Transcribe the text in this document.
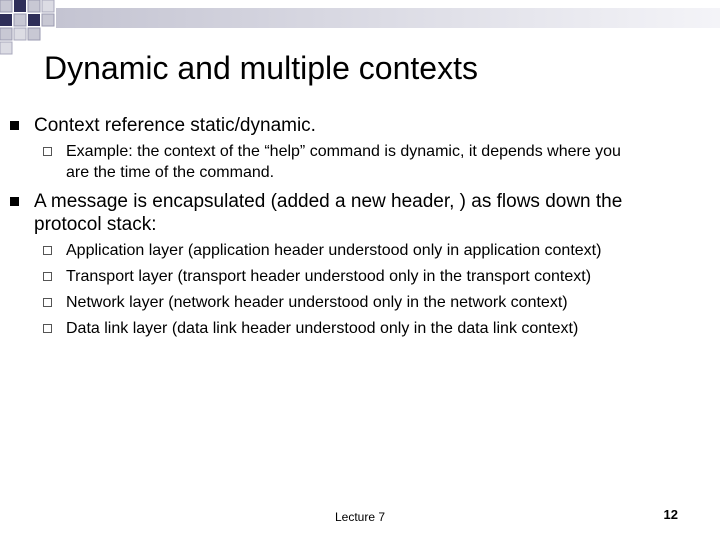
Dynamic and multiple contexts
Context reference static/dynamic.
Example: the context of the “help” command is dynamic, it depends where you
are the time of the command.
A message is encapsulated (added a new header, ) as flows down the
protocol stack:
Application layer (application header understood only in application context)
Transport layer (transport header understood only in the transport context)
Network layer (network header understood only in the network context)
Data link layer (data link header understood only in the data link context)
Lecture 7	12
